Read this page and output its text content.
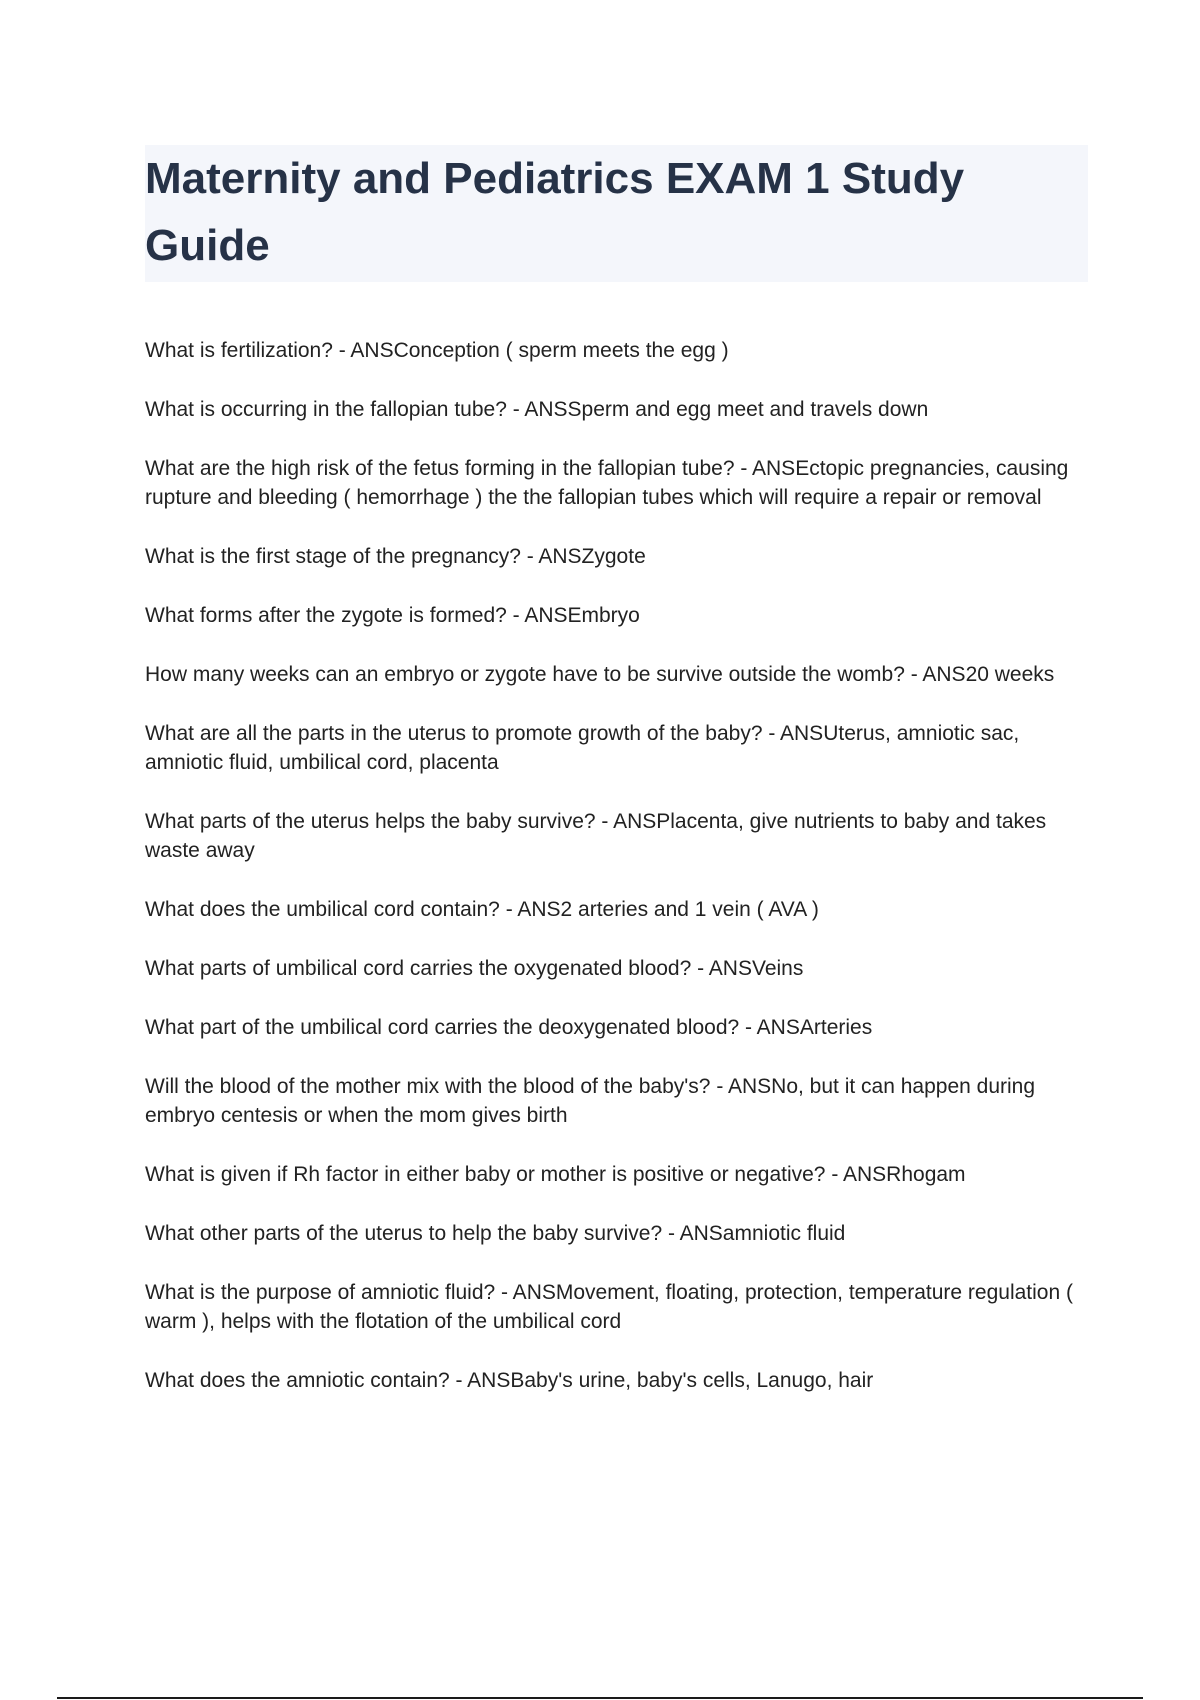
Maternity and Pediatrics EXAM 1 Study Guide
What is fertilization? - ANSConception ( sperm meets the egg )
What is occurring in the fallopian tube? - ANSSperm and egg meet and travels down
What are the high risk of the fetus forming in the fallopian tube? - ANSEctopic pregnancies, causing rupture and bleeding ( hemorrhage ) the the fallopian tubes which will require a repair or removal
What is the first stage of the pregnancy? - ANSZygote
What forms after the zygote is formed? - ANSEmbryo
How many weeks can an embryo or zygote have to be survive outside the womb? - ANS20 weeks
What are all the parts in the uterus to promote growth of the baby? - ANSUterus, amniotic sac, amniotic fluid, umbilical cord, placenta
What parts of the uterus helps the baby survive? - ANSPlacenta, give nutrients to baby and takes waste away
What does the umbilical cord contain? - ANS2 arteries and 1 vein ( AVA )
What parts of umbilical cord carries the oxygenated blood? - ANSVeins
What part of the umbilical cord carries the deoxygenated blood? - ANSArteries
Will the blood of the mother mix with the blood of the baby's? - ANSNo, but it can happen during embryo centesis or when the mom gives birth
What is given if Rh factor in either baby or mother is positive or negative? - ANSRhogam
What other parts of the uterus to help the baby survive? - ANSamniotic fluid
What is the purpose of amniotic fluid? - ANSMovement, floating, protection, temperature regulation ( warm ), helps with the flotation of the umbilical cord
What does the amniotic contain? - ANSBaby's urine, baby's cells, Lanugo, hair
